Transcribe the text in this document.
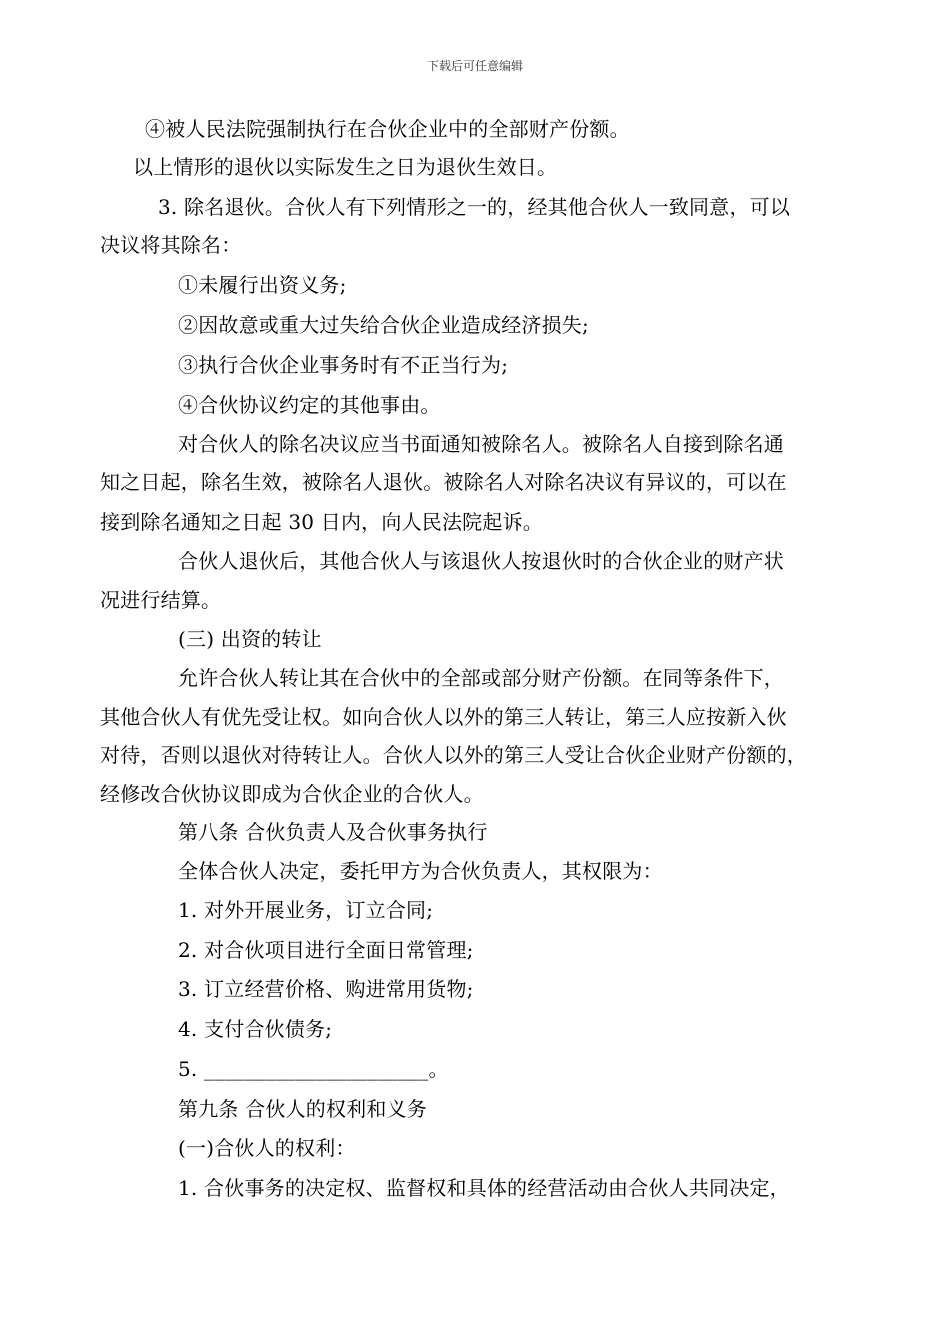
下载后可任意编辑
④被人民法院强制执行在合伙企业中的全部财产份额。
以上情形的退伙以实际发生之日为退伙生效日。
3. 除名退伙。合伙人有下列情形之一的，经其他合伙人一致同意，可以
决议将其除名：
①未履行出资义务;
②因故意或重大过失给合伙企业造成经济损失;
③执行合伙企业事务时有不正当行为;
④合伙协议约定的其他事由。
对合伙人的除名决议应当书面通知被除名人。被除名人自接到除名通
知之日起，除名生效，被除名人退伙。被除名人对除名决议有异议的，可以在
接到除名通知之日起 30 日内，向人民法院起诉。
合伙人退伙后，其他合伙人与该退伙人按退伙时的合伙企业的财产状
况进行结算。
(三) 出资的转让
允许合伙人转让其在合伙中的全部或部分财产份额。在同等条件下，
其他合伙人有优先受让权。如向合伙人以外的第三人转让，第三人应按新入伙
对待，否则以退伙对待转让人。合伙人以外的第三人受让合伙企业财产份额的，
经修改合伙协议即成为合伙企业的合伙人。
第八条 合伙负责人及合伙事务执行
全体合伙人决定，委托甲方为合伙负责人，其权限为：
1. 对外开展业务，订立合同;
2. 对合伙项目进行全面日常管理;
3. 订立经营价格、购进常用货物;
4. 支付合伙债务;
5. ______________________。
第九条 合伙人的权利和义务
(一)合伙人的权利：
1. 合伙事务的决定权、监督权和具体的经营活动由合伙人共同决定，
